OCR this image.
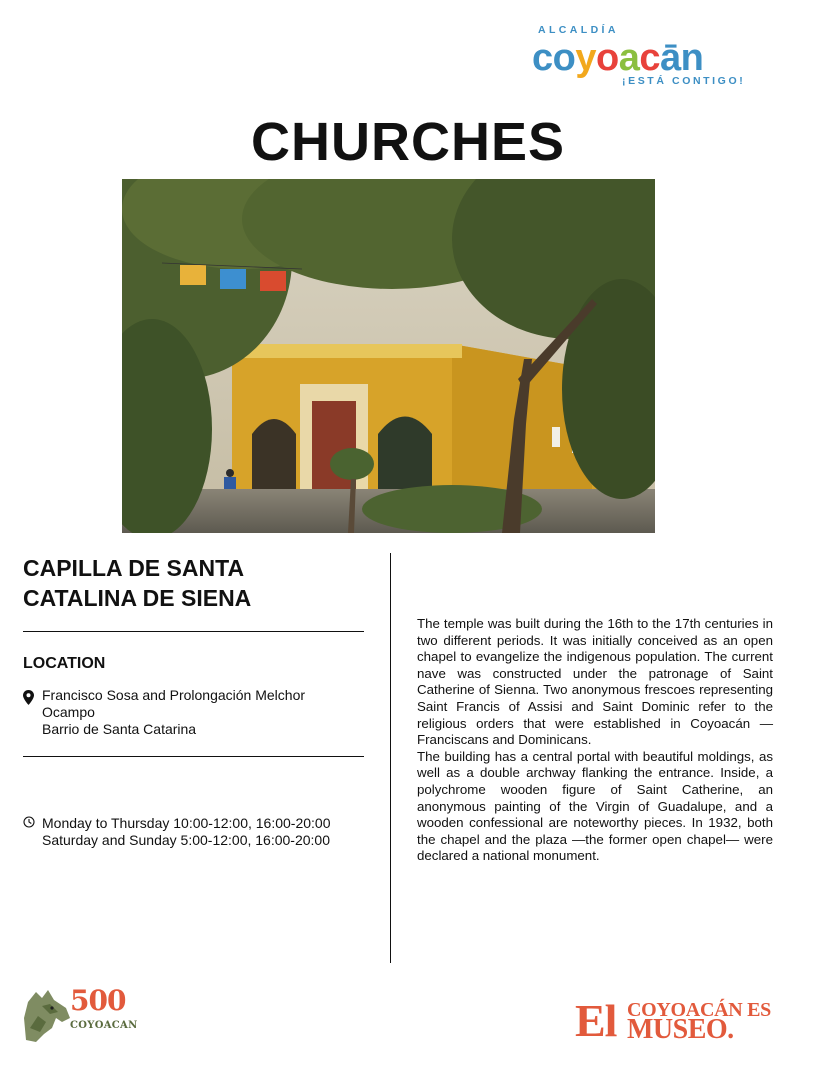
ALCALDÍA
coyoacān
¡ESTÁ CONTIGO!
CHURCHES
CAPILLA DE SANTA
CATALINA DE SIENA
LOCATION
Francisco Sosa and Prolongación Melchor
Ocampo
Barrio de Santa Catarina
Monday to Thursday 10:00-12:00, 16:00-20:00
Saturday and Sunday 5:00-12:00, 16:00-20:00

The temple was built during the 16th to the 17th centuries in two different periods. It was initially conceived as an open chapel to evangelize the indigenous population. The current nave was constructed under the patronage of Saint Catherine of Sienna. Two anonymous frescoes representing Saint Francis of Assisi and Saint Dominic refer to the religious orders that were established in Coyoacán — Franciscans and Dominicans.

The building has a central portal with beautiful moldings, as well as a double archway flanking the entrance. Inside, a polychrome wooden figure of Saint Catherine, an anonymous painting of the Virgin of Guadalupe, and a wooden confessional are noteworthy pieces. In 1932, both the chapel and the plaza —the former open chapel— were declared a national monument.

500
COYOACAN	El COYOACÁN ES
MUSEO.
